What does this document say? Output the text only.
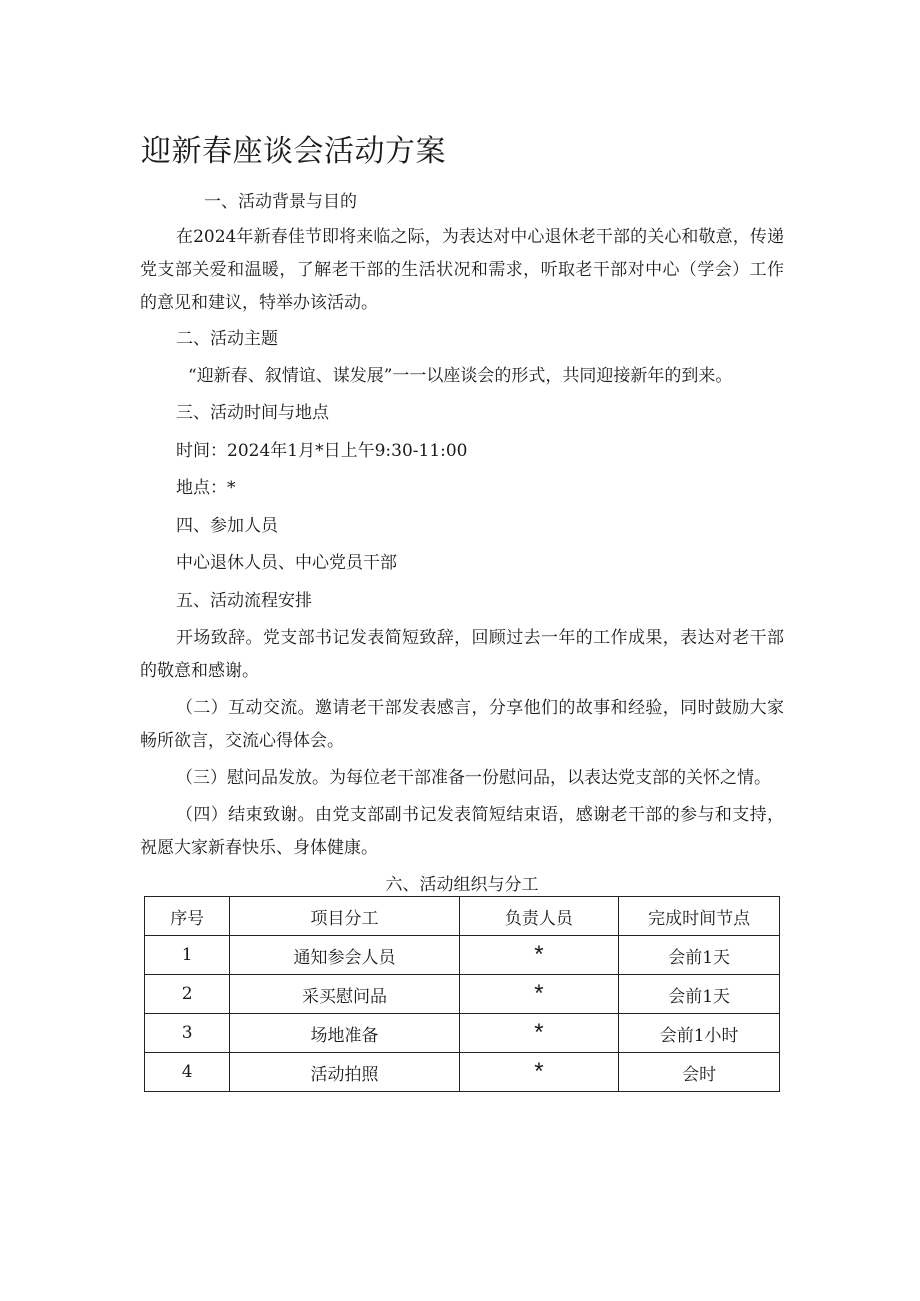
迎新春座谈会活动方案

一、活动背景与目的

在2024年新春佳节即将来临之际，为表达对中心退休老干部的关心和敬意，传递党支部关爱和温暖，了解老干部的生活状况和需求，听取老干部对中心（学会）工作的意见和建议，特举办该活动。

二、活动主题

“迎新春、叙情谊、谋发展”一一以座谈会的形式，共同迎接新年的到来。

三、活动时间与地点

时间：2024年1月*日上午9:30-11:00

地点：*

四、参加人员

中心退休人员、中心党员干部

五、活动流程安排

开场致辞。党支部书记发表简短致辞，回顾过去一年的工作成果，表达对老干部的敬意和感谢。

（二）互动交流。邀请老干部发表感言，分享他们的故事和经验，同时鼓励大家畅所欲言，交流心得体会。

（三）慰问品发放。为每位老干部准备一份慰问品，以表达党支部的关怀之情。

（四）结束致谢。由党支部副书记发表简短结束语，感谢老干部的参与和支持，祝愿大家新春快乐、身体健康。

六、活动组织与分工
序号	项目分工	负责人员	完成时间节点
1	通知参会人员	*	会前1天
2	采买慰问品	*	会前1天
3	场地准备	*	会前1小时
4	活动拍照	*	会时
